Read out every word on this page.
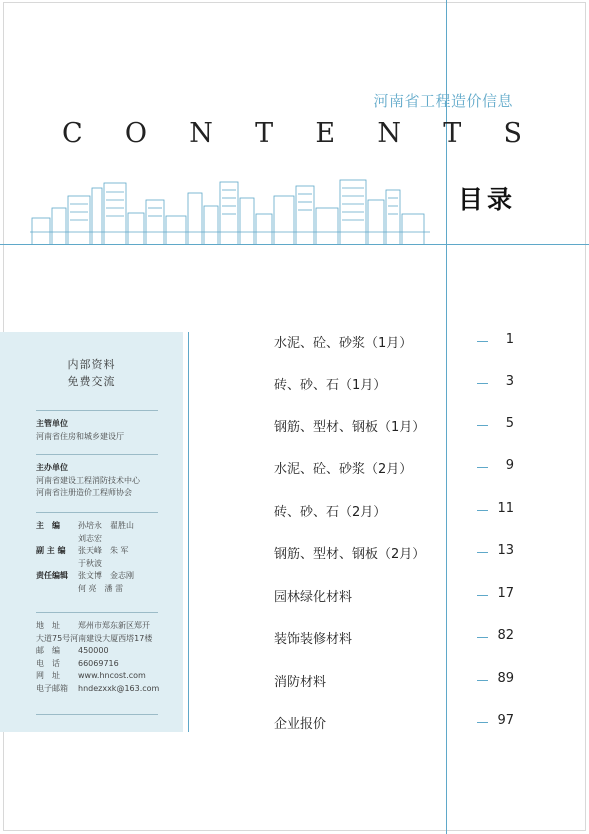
河南省工程造价信息
C O N T E N T S
目录
内部资料
免费交流
主管单位
河南省住房和城乡建设厅
主办单位
河南省建设工程消防技术中心
河南省注册造价工程师协会
主　编	孙培永　翟胜山
刘志宏
副 主 编	张天峰　朱 军
于秋波
责任编辑	张文博　金志刚
何 亮　潘 雷
地　址	郑州市郑东新区郑开
大道75号河南建设大厦西塔17楼
邮　编	450000
电　话	66069716
网　址	www.hncost.com
电子邮箱	hndezxxk@163.com
水泥、砼、砂浆（1月）	1
砖、砂、石（1月）	3
钢筋、型材、钢板（1月）	5
水泥、砼、砂浆（2月）	9
砖、砂、石（2月）	11
钢筋、型材、钢板（2月）	13
园林绿化材料	17
装饰装修材料	82
消防材料	89
企业报价	97
